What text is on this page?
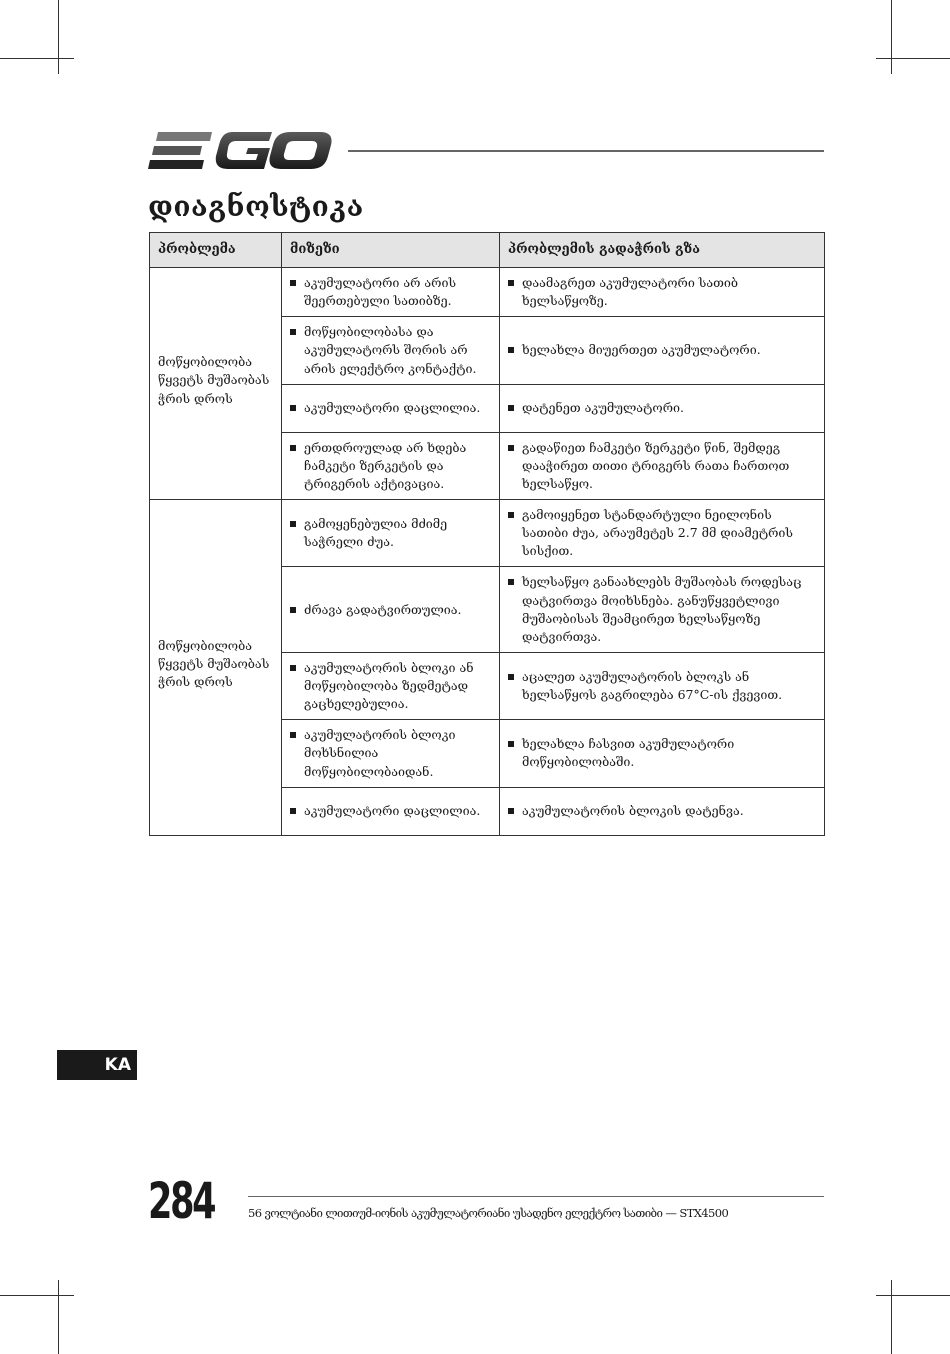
დიაგნოსტიკა
პრობლემა	მიზეზი	პრობლემის გადაჭრის გზა
მოწყობილობა წყვეტს მუშაობას ჭრის დროს	აკუმულატორი არ არის შეერთებული სათიბზე.	დაამაგრეთ აკუმულატორი სათიბ ხელსაწყოზე.

	მოწყობილობასა და აკუმულატორს შორის არ არის ელექტრო კონტაქტი.	ხელახლა მიუერთეთ აკუმულატორი.

	აკუმულატორი დაცლილია.	დატენეთ აკუმულატორი.

	ერთდროულად არ ხდება ჩამკეტი ზერკეტის და ტრიგერის აქტივაცია.	გადაწიეთ ჩამკეტი ზერკეტი წინ, შემდეგ დააჭირეთ თითი ტრიგერს რათა ჩართოთ ხელსაწყო.

მოწყობილობა წყვეტს მუშაობას ჭრის დროს	გამოყენებულია მძიმე საჭრელი ძუა.	გამოიყენეთ სტანდარტული ნეილონის სათიბი ძუა, არაუმეტეს 2.7 მმ დიამეტრის სისქით.

	ძრავა გადატვირთულია.	ხელსაწყო განაახლებს მუშაობას როდესაც დატვირთვა მოიხსნება. განუწყვეტლივი მუშაობისას შეამცირეთ ხელსაწყოზე დატვირთვა.

	აკუმულატორის ბლოკი ან მოწყობილობა ზედმეტად გაცხელებულია.	აცალეთ აკუმულატორის ბლოკს ან ხელსაწყოს გაგრილება 67°C-ის ქვევით.

	აკუმულატორის ბლოკი მოხსნილია მოწყობილობაიდან.	ხელახლა ჩასვით აკუმულატორი მოწყობილობაში.

	აკუმულატორი დაცლილია.	აკუმულატორის ბლოკის დატენვა.
KA
284	56 ვოლტიანი ლითიუმ-იონის აკუმულატორიანი უსადენო ელექტრო სათიბი — STX4500
